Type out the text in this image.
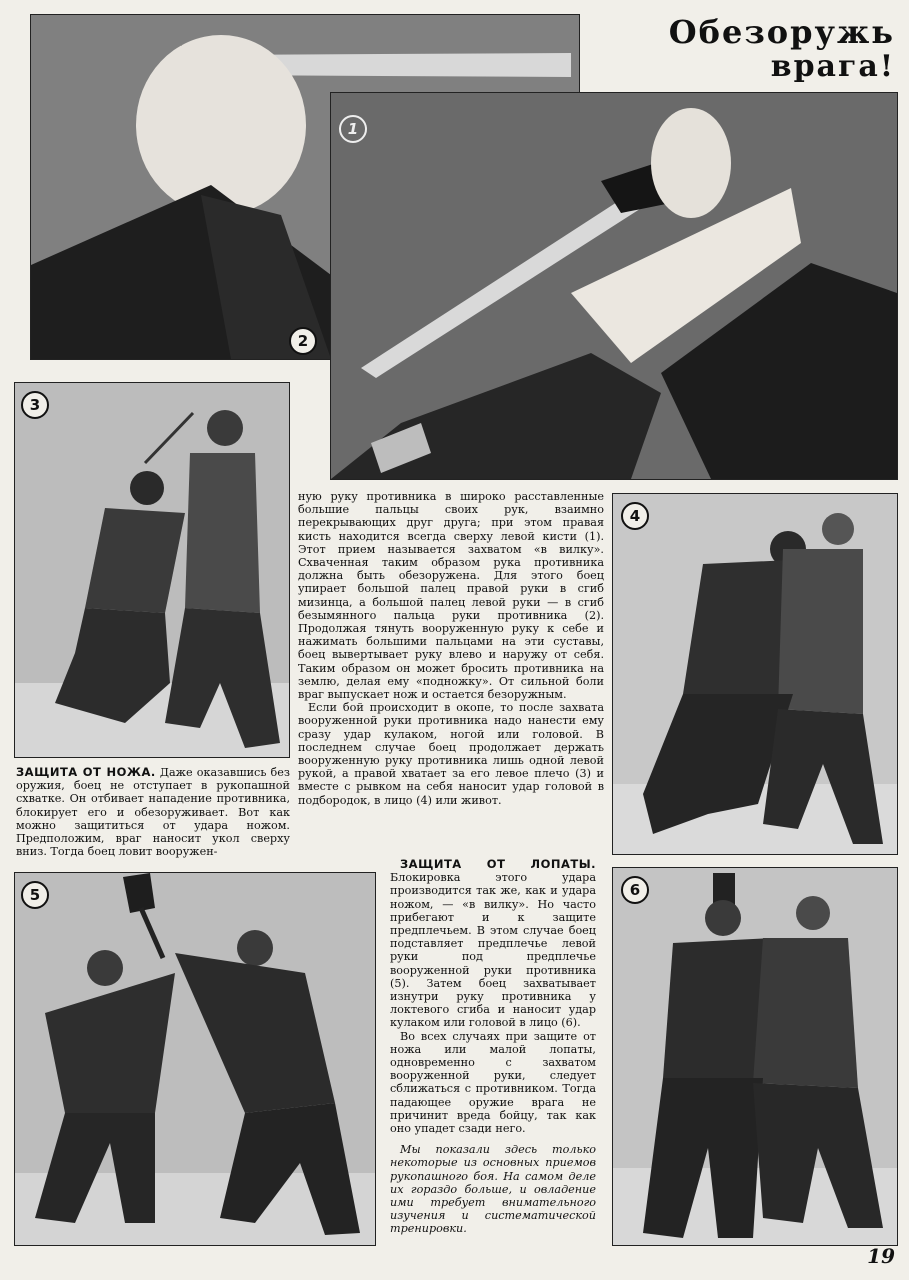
Обезоружь
врага!
2
1
3
4
5	6

ЗАЩИТА ОТ НОЖА. Даже оказавшись без оружия, боец не отступает в рукопашной схватке. Он отбивает нападение противника, блокирует его и обезоруживает. Вот как можно защититься от удара ножом. Предположим, враг наносит укол сверху вниз. Тогда боец ловит вооружен-

ную руку противника в широко расставленные большие пальцы своих рук, взаимно перекрывающих друг друга; при этом правая кисть находится всегда сверху левой кисти (1). Этот прием называется захватом «в вилку». Схваченная таким образом рука противника должна быть обезоружена. Для этого боец упирает большой палец правой руки в сгиб мизинца, а большой палец левой руки — в сгиб безымянного пальца руки противника (2). Продолжая тянуть вооруженную руку к себе и нажимать большими пальцами на эти суставы, боец вывертывает руку влево и наружу от себя. Таким образом он может бросить противника на землю, делая ему «подножку». От сильной боли враг выпускает нож и остается безоружным.

Если бой происходит в окопе, то после захвата вооруженной руки противника надо нанести ему сразу удар кулаком, ногой или головой. В последнем случае боец продолжает держать вооруженную руку противника лишь одной левой рукой, а правой хватает за его левое плечо (3) и вместе с рывком на себя наносит удар головой в подбородок, в лицо (4) или живот.

ЗАЩИТА ОТ ЛОПАТЫ. Блокировка этого удара производится так же, как и удара ножом, — «в вилку». Но часто прибегают и к защите предплечьем. В этом случае боец подставляет предплечье левой руки под предплечье вооруженной руки противника (5). Затем боец захватывает изнутри руку противника у локтевого сгиба и наносит удар кулаком или головой в лицо (6).

Во всех случаях при защите от ножа или малой лопаты, одновременно с захватом вооруженной руки, следует сближаться с противником. Тогда падающее оружие врага не причинит вреда бойцу, так как оно упадет сзади него.

Мы показали здесь только некоторые из основных приемов рукопашного боя. На самом деле их гораздо больше, и овладение ими требует внимательного изучения и систематической тренировки.

19
